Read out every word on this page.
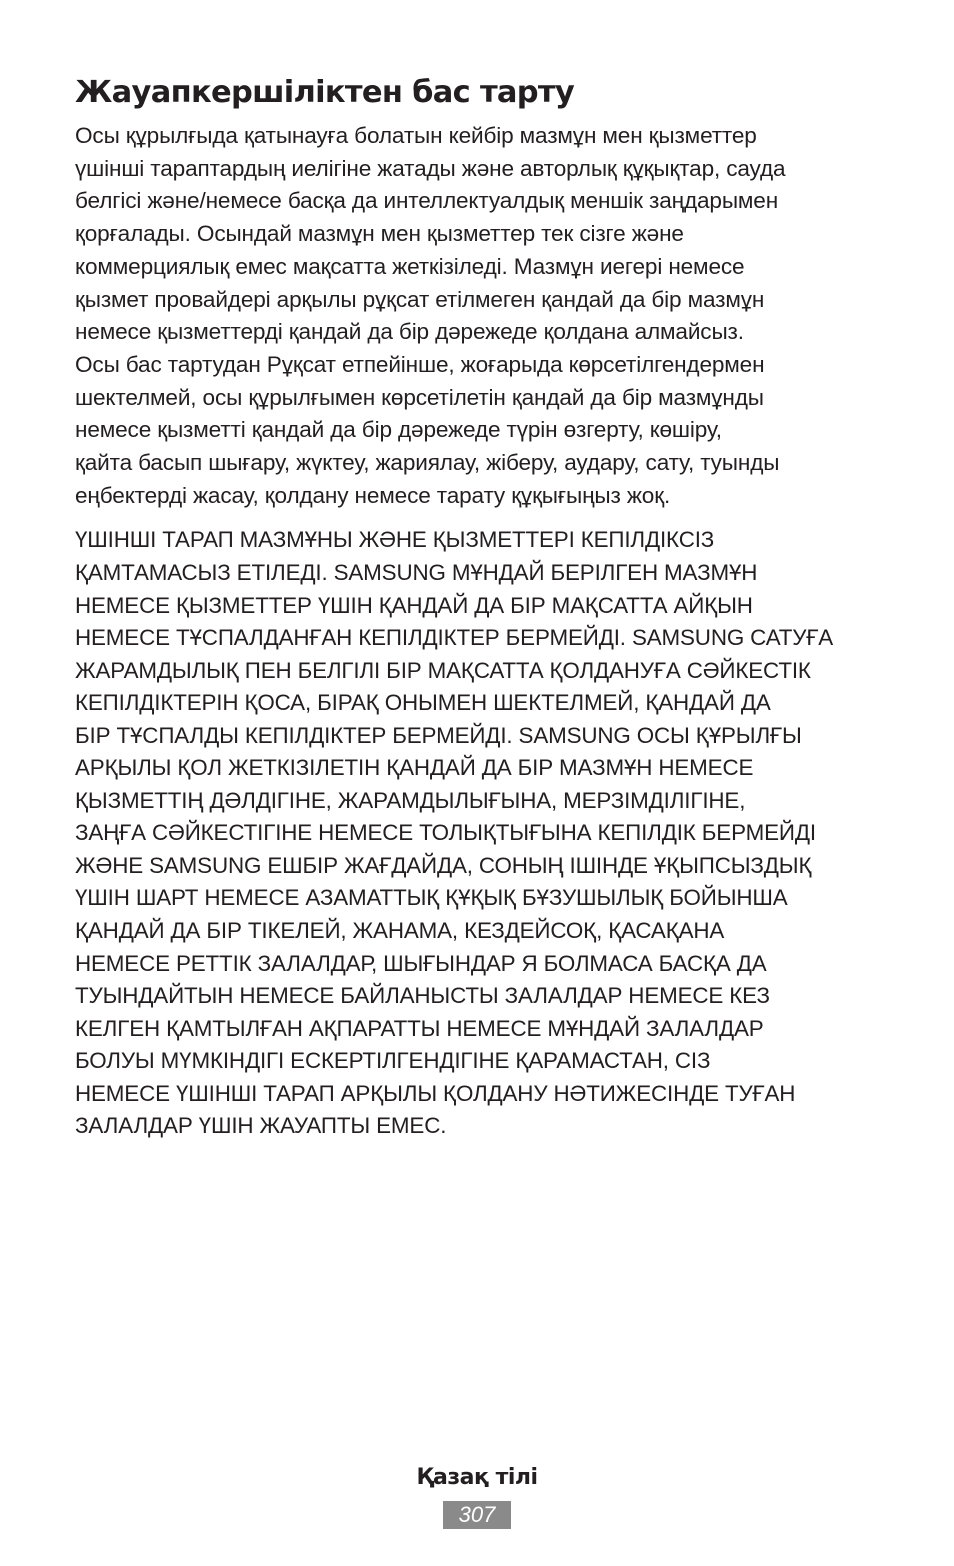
Жауапкершіліктен бас тарту
Осы құрылғыда қатынауға болатын кейбір мазмұн мен қызметтер
үшінші тараптардың иелігіне жатады және авторлық құқықтар, сауда
белгісі және/немесе басқа да интеллектуалдық меншік заңдарымен
қорғалады. Осындай мазмұн мен қызметтер тек сізге және
коммерциялық емес мақсатта жеткізіледі. Мазмұн иегері немесе
қызмет провайдері арқылы рұқсат етілмеген қандай да бір мазмұн
немесе қызметтерді қандай да бір дәрежеде қолдана алмайсыз.
Осы бас тартудан Рұқсат етпейінше, жоғарыда көрсетілгендермен
шектелмей, осы құрылғымен көрсетілетін қандай да бір мазмұнды
немесе қызметті қандай да бір дәрежеде түрін өзгерту, көшіру,
қайта басып шығару, жүктеу, жариялау, жіберу, аудару, сату, туынды
еңбектерді жасау, қолдану немесе тарату құқығыңыз жоқ.
ҮШІНШІ ТАРАП МАЗМҰНЫ ЖӘНЕ ҚЫЗМЕТТЕРІ КЕПІЛДІКСІЗ
ҚАМТАМАСЫЗ ЕТІЛЕДІ. SAMSUNG МҰНДАЙ БЕРІЛГЕН МАЗМҰН
НЕМЕСЕ ҚЫЗМЕТТЕР ҮШІН ҚАНДАЙ ДА БІР МАҚСАТТА АЙҚЫН
НЕМЕСЕ ТҰСПАЛДАНҒАН КЕПІЛДІКТЕР БЕРМЕЙДІ. SAMSUNG САТУҒА
ЖАРАМДЫЛЫҚ ПЕН БЕЛГІЛІ БІР МАҚСАТТА ҚОЛДАНУҒА СӘЙКЕСТІК
КЕПІЛДІКТЕРІН ҚОСА, БІРАҚ ОНЫМЕН ШЕКТЕЛМЕЙ, ҚАНДАЙ ДА
БІР ТҰСПАЛДЫ КЕПІЛДІКТЕР БЕРМЕЙДІ. SAMSUNG ОСЫ ҚҰРЫЛҒЫ
АРҚЫЛЫ ҚОЛ ЖЕТКІЗІЛЕТІН ҚАНДАЙ ДА БІР МАЗМҰН НЕМЕСЕ
ҚЫЗМЕТТІҢ ДӘЛДІГІНЕ, ЖАРАМДЫЛЫҒЫНА, МЕРЗІМДІЛІГІНЕ,
ЗАҢҒА СӘЙКЕСТІГІНЕ НЕМЕСЕ ТОЛЫҚТЫҒЫНА КЕПІЛДІК БЕРМЕЙДІ
ЖӘНЕ SAMSUNG ЕШБІР ЖАҒДАЙДА, СОНЫҢ ІШІНДЕ ҰҚЫПСЫЗДЫҚ
ҮШІН ШАРТ НЕМЕСЕ АЗАМАТТЫҚ ҚҰҚЫҚ БҰЗУШЫЛЫҚ БОЙЫНША
ҚАНДАЙ ДА БІР ТІКЕЛЕЙ, ЖАНАМА, КЕЗДЕЙСОҚ, ҚАСАҚАНА
НЕМЕСЕ РЕТТІК ЗАЛАЛДАР, ШЫҒЫНДАР Я БОЛМАСА БАСҚА ДА
ТУЫНДАЙТЫН НЕМЕСЕ БАЙЛАНЫСТЫ ЗАЛАЛДАР НЕМЕСЕ КЕЗ
КЕЛГЕН ҚАМТЫЛҒАН АҚПАРАТТЫ НЕМЕСЕ МҰНДАЙ ЗАЛАЛДАР
БОЛУЫ МҮМКІНДІГІ ЕСКЕРТІЛГЕНДІГІНЕ ҚАРАМАСТАН, СІЗ
НЕМЕСЕ ҮШІНШІ ТАРАП АРҚЫЛЫ ҚОЛДАНУ НӘТИЖЕСІНДЕ ТУҒАН
ЗАЛАЛДАР ҮШІН ЖАУАПТЫ ЕМЕС.
Қазақ тілі
307
